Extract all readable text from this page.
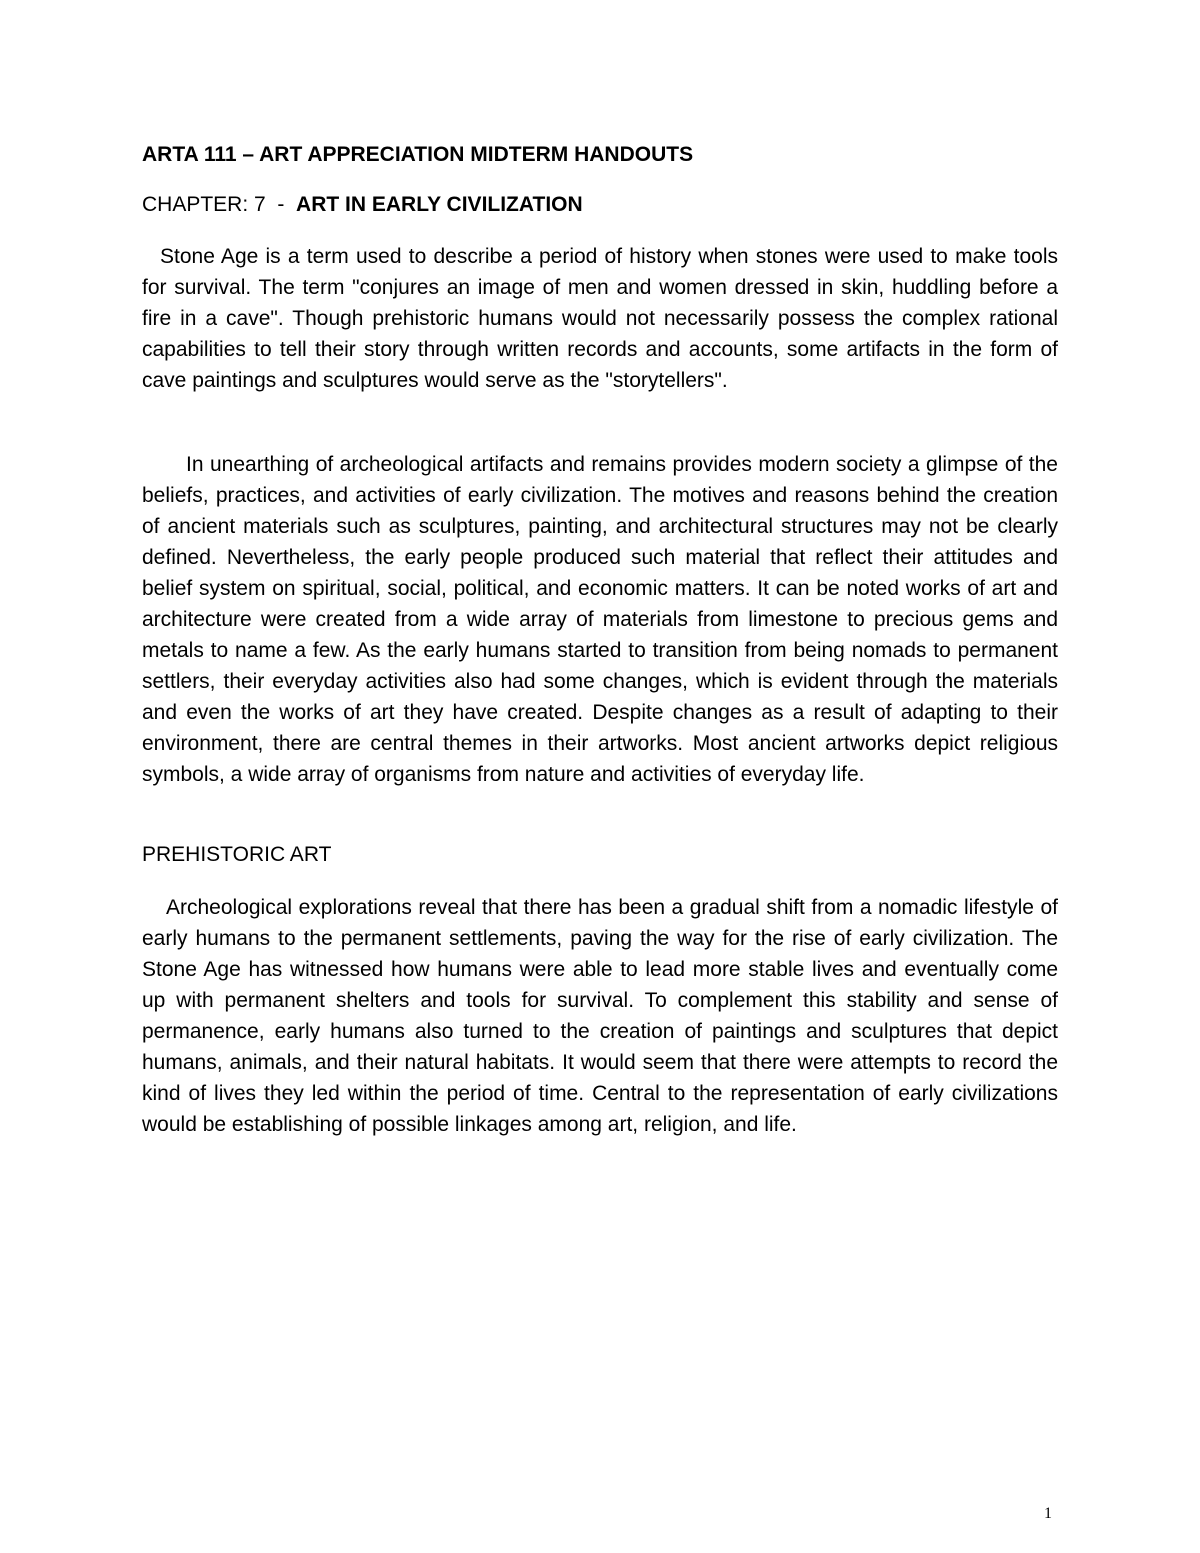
ARTA 111 – ART APPRECIATION MIDTERM HANDOUTS
CHAPTER: 7  -  ART IN EARLY CIVILIZATION

Stone Age is a term used to describe a period of history when stones were used to make tools for survival. The term "conjures an image of men and women dressed in skin, huddling before a fire in a cave". Though prehistoric humans would not necessarily possess the complex rational capabilities to tell their story through written records and accounts, some artifacts in the form of cave paintings and sculptures would serve as the "storytellers".

In unearthing of archeological artifacts and remains provides modern society a glimpse of the beliefs, practices, and activities of early civilization. The motives and reasons behind the creation of ancient materials such as sculptures, painting, and architectural structures may not be clearly defined. Nevertheless, the early people produced such material that reflect their attitudes and belief system on spiritual, social, political, and economic matters. It can be noted works of art and architecture were created from a wide array of materials from limestone to precious gems and metals to name a few. As the early humans started to transition from being nomads to permanent settlers, their everyday activities also had some changes, which is evident through the materials and even the works of art they have created. Despite changes as a result of adapting to their environment, there are central themes in their artworks. Most ancient artworks depict religious symbols, a wide array of organisms from nature and activities of everyday life.

PREHISTORIC ART

Archeological explorations reveal that there has been a gradual shift from a nomadic lifestyle of early humans to the permanent settlements, paving the way for the rise of early civilization. The Stone Age has witnessed how humans were able to lead more stable lives and eventually come up with permanent shelters and tools for survival. To complement this stability and sense of permanence, early humans also turned to the creation of paintings and sculptures that depict humans, animals, and their natural habitats. It would seem that there were attempts to record the kind of lives they led within the period of time. Central to the representation of early civilizations would be establishing of possible linkages among art, religion, and life.

1
